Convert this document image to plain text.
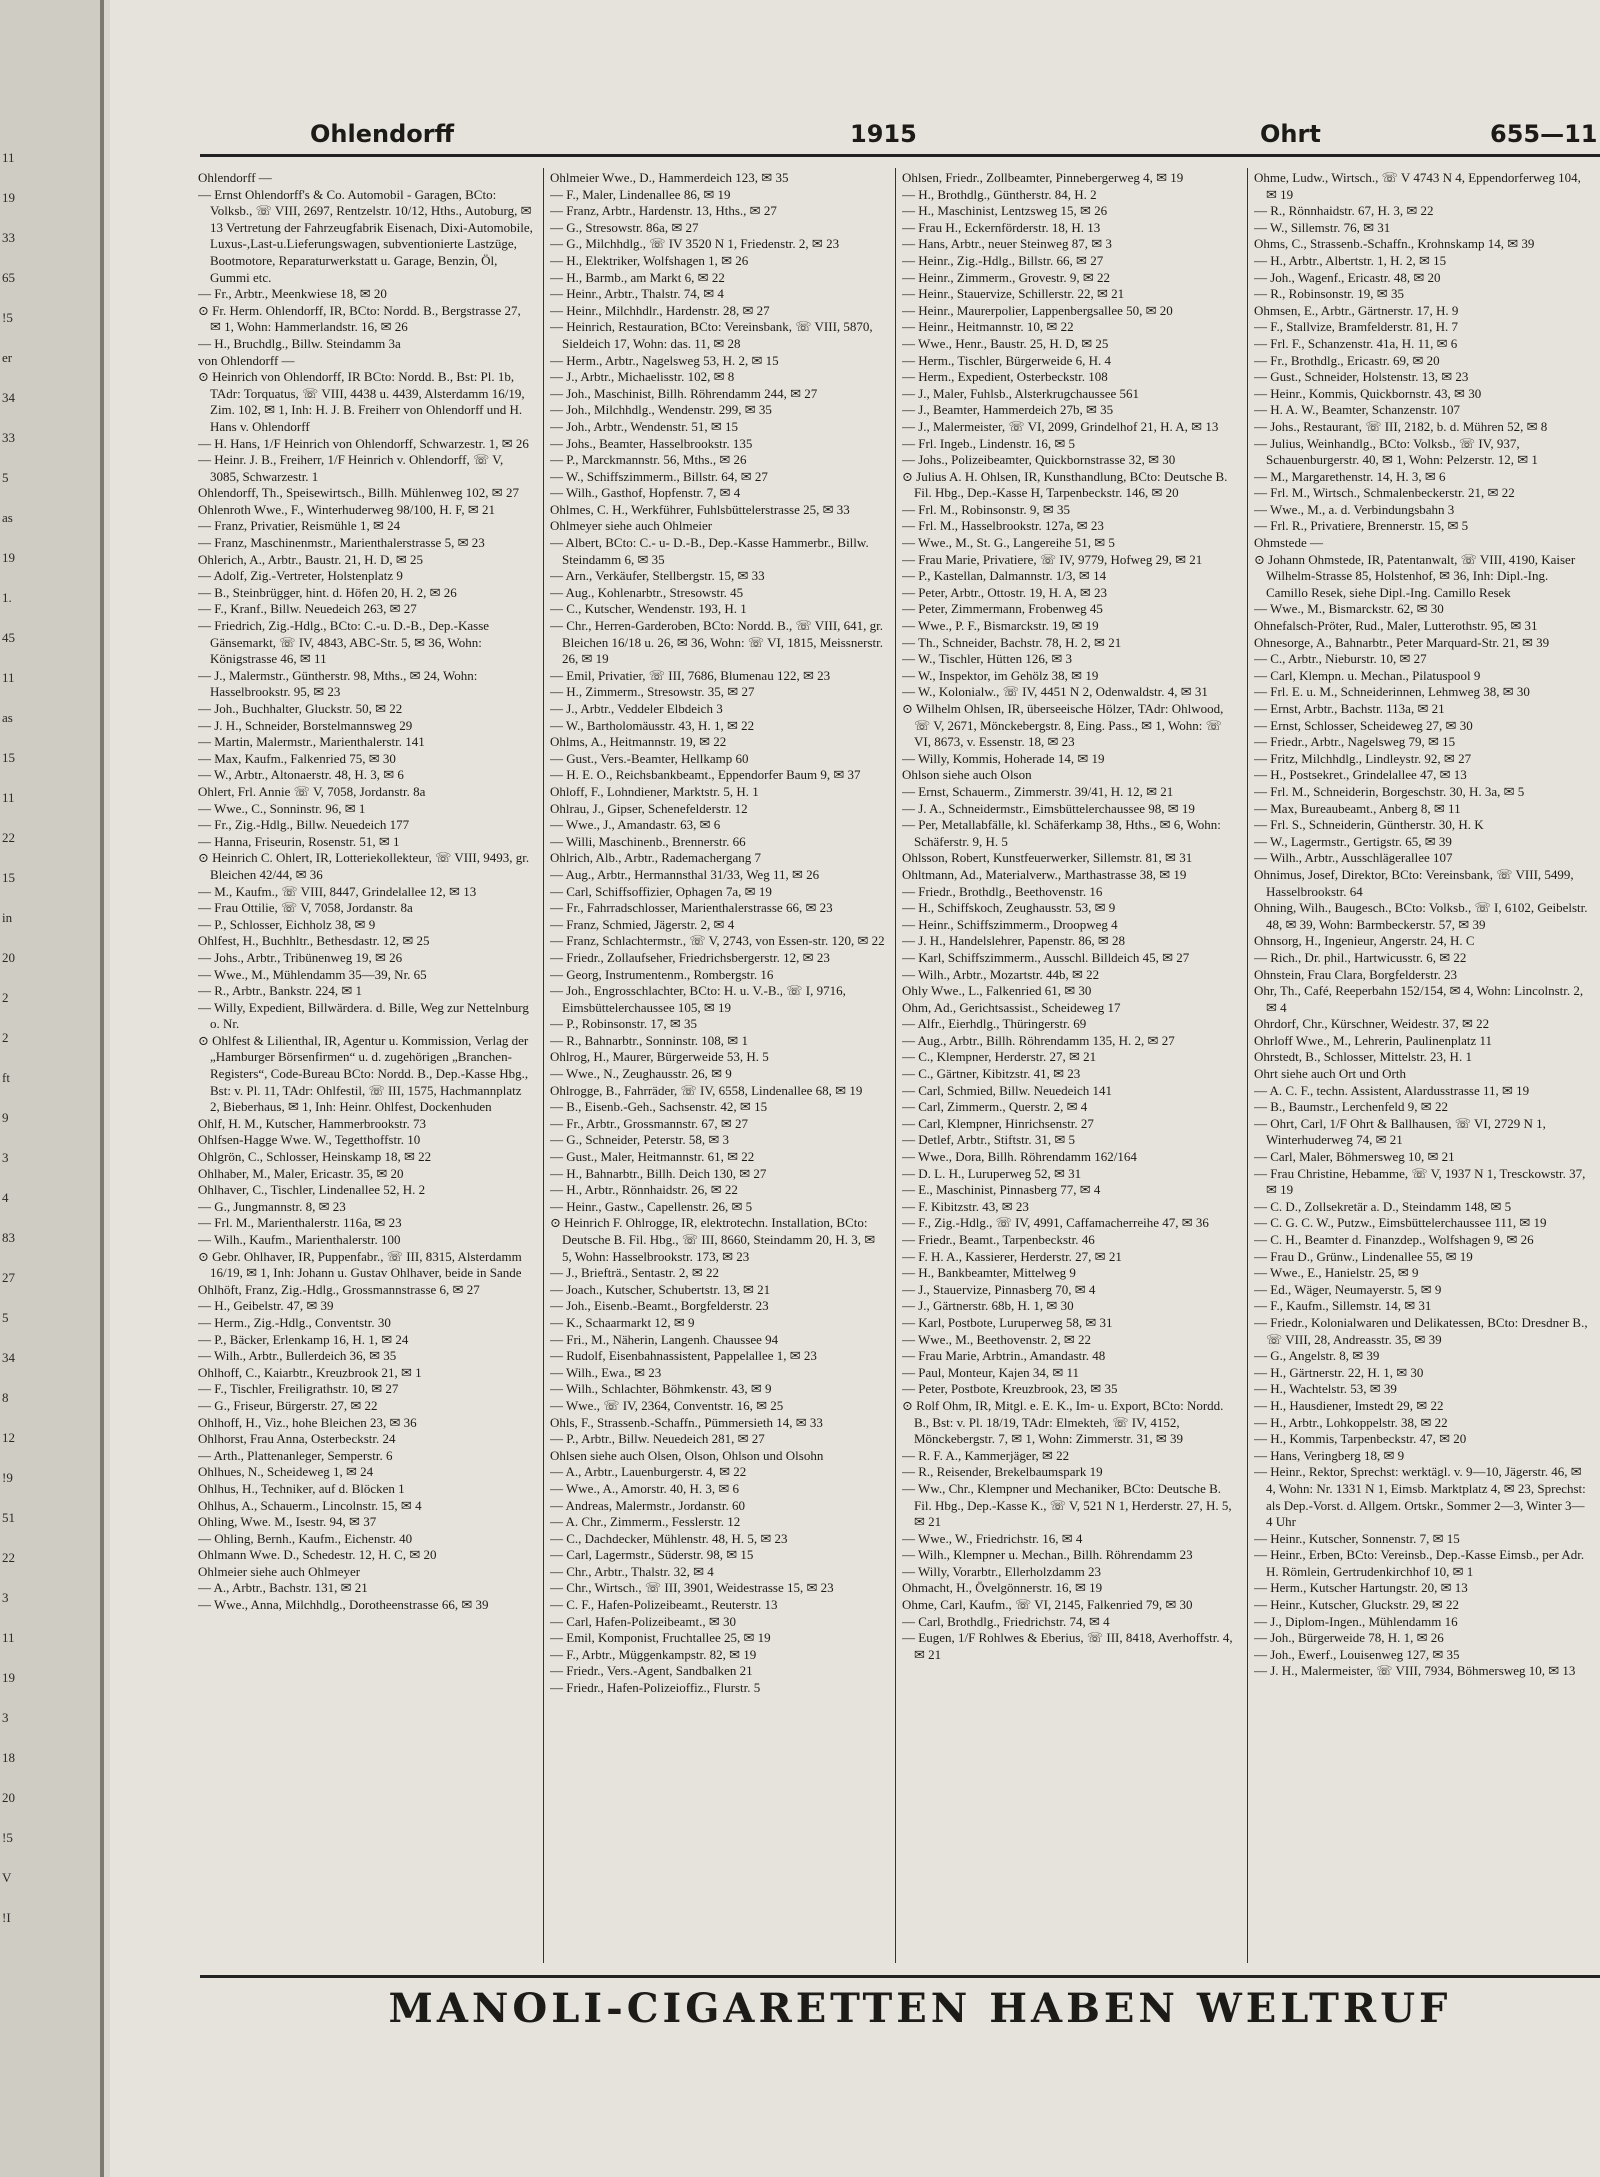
11
19
33
65
!5
er
34
33
5
as
19
1.
45
11
as
15
11
22
15
in
20
2
2
ft
9
3
4
83
27
5
34
8
12
!9
51
22
3
11
19
3
18
20
!5
V
!I
Ohlendorff	1915	Ohrt	655—11

Ohlendorff —

— Ernst Ohlendorff's & Co. Automobil - Garagen, BCto: Volksb., ☏ VIII, 2697, Rentzelstr. 10/12, Hths., Autoburg, ✉ 13 Vertretung der Fahrzeugfabrik Eisenach, Dixi-Automobile, Luxus-,Last-u.Lieferungswagen, subventionierte Lastzüge, Bootmotore, Reparaturwerkstatt u. Garage, Benzin, Öl, Gummi etc.

— Fr., Arbtr., Meenkwiese 18, ✉ 20

⊙ Fr. Herm. Ohlendorff, IR, BCto: Nordd. B., Bergstrasse 27, ✉ 1, Wohn: Hammerlandstr. 16, ✉ 26

— H., Bruchdlg., Billw. Steindamm 3a

von Ohlendorff —

⊙ Heinrich von Ohlendorff, IR BCto: Nordd. B., Bst: Pl. 1b, TAdr: Torquatus, ☏ VIII, 4438 u. 4439, Alsterdamm 16/19, Zim. 102, ✉ 1, Inh: H. J. B. Freiherr von Ohlendorff und H. Hans v. Ohlendorff

— H. Hans, 1/F Heinrich von Ohlendorff, Schwarzestr. 1, ✉ 26

— Heinr. J. B., Freiherr, 1/F Heinrich v. Ohlendorff, ☏ V, 3085, Schwarzestr. 1

Ohlendorff, Th., Speisewirtsch., Billh. Mühlenweg 102, ✉ 27

Ohlenroth Wwe., F., Winterhuderweg 98/100, H. F, ✉ 21

— Franz, Privatier, Reismühle 1, ✉ 24

— Franz, Maschinenmstr., Marienthalerstrasse 5, ✉ 23

Ohlerich, A., Arbtr., Baustr. 21, H. D, ✉ 25

— Adolf, Zig.-Vertreter, Holstenplatz 9

— B., Steinbrügger, hint. d. Höfen 20, H. 2, ✉ 26

— F., Kranf., Billw. Neuedeich 263, ✉ 27

— Friedrich, Zig.-Hdlg., BCto: C.-u. D.-B., Dep.-Kasse Gänsemarkt, ☏ IV, 4843, ABC-Str. 5, ✉ 36, Wohn: Königstrasse 46, ✉ 11

— J., Malermstr., Güntherstr. 98, Mths., ✉ 24, Wohn: Hasselbrookstr. 95, ✉ 23

— Joh., Buchhalter, Gluckstr. 50, ✉ 22

— J. H., Schneider, Borstelmannsweg 29

— Martin, Malermstr., Marienthalerstr. 141

— Max, Kaufm., Falkenried 75, ✉ 30

— W., Arbtr., Altonaerstr. 48, H. 3, ✉ 6

Ohlert, Frl. Annie ☏ V, 7058, Jordanstr. 8a

— Wwe., C., Sonninstr. 96, ✉ 1

— Fr., Zig.-Hdlg., Billw. Neuedeich 177

— Hanna, Friseurin, Rosenstr. 51, ✉ 1

⊙ Heinrich C. Ohlert, IR, Lotteriekollekteur, ☏ VIII, 9493, gr. Bleichen 42/44, ✉ 36

— M., Kaufm., ☏ VIII, 8447, Grindelallee 12, ✉ 13

— Frau Ottilie, ☏ V, 7058, Jordanstr. 8a

— P., Schlosser, Eichholz 38, ✉ 9

Ohlfest, H., Buchhltr., Bethesdastr. 12, ✉ 25

— Johs., Arbtr., Tribünenweg 19, ✉ 26

— Wwe., M., Mühlendamm 35—39, Nr. 65

— R., Arbtr., Bankstr. 224, ✉ 1

— Willy, Expedient, Billwärdera. d. Bille, Weg zur Nettelnburg o. Nr.

⊙ Ohlfest & Lilienthal, IR, Agentur u. Kommission, Verlag der „Hamburger Börsenfirmen“ u. d. zugehörigen „Branchen-Registers“, Code-Bureau BCto: Nordd. B., Dep.-Kasse Hbg., Bst: v. Pl. 11, TAdr: Ohlfestil, ☏ III, 1575, Hachmannplatz 2, Bieberhaus, ✉ 1, Inh: Heinr. Ohlfest, Dockenhuden

Ohlf, H. M., Kutscher, Hammerbrookstr. 73

Ohlfsen-Hagge Wwe. W., Tegetthoffstr. 10

Ohlgrön, C., Schlosser, Heinskamp 18, ✉ 22

Ohlhaber, M., Maler, Ericastr. 35, ✉ 20

Ohlhaver, C., Tischler, Lindenallee 52, H. 2

— G., Jungmannstr. 8, ✉ 23

— Frl. M., Marienthalerstr. 116a, ✉ 23

— Wilh., Kaufm., Marienthalerstr. 100

⊙ Gebr. Ohlhaver, IR, Puppenfabr., ☏ III, 8315, Alsterdamm 16/19, ✉ 1, Inh: Johann u. Gustav Ohlhaver, beide in Sande

Ohlhöft, Franz, Zig.-Hdlg., Grossmannstrasse 6, ✉ 27

— H., Geibelstr. 47, ✉ 39

— Herm., Zig.-Hdlg., Conventstr. 30

— P., Bäcker, Erlenkamp 16, H. 1, ✉ 24

— Wilh., Arbtr., Bullerdeich 36, ✉ 35

Ohlhoff, C., Kaiarbtr., Kreuzbrook 21, ✉ 1

— F., Tischler, Freiligrathstr. 10, ✉ 27

— G., Friseur, Bürgerstr. 27, ✉ 22

Ohlhoff, H., Viz., hohe Bleichen 23, ✉ 36

Ohlhorst, Frau Anna, Osterbeckstr. 24

— Arth., Plattenanleger, Semperstr. 6

Ohlhues, N., Scheideweg 1, ✉ 24

Ohlhus, H., Techniker, auf d. Blöcken 1

Ohlhus, A., Schauerm., Lincolnstr. 15, ✉ 4

Ohling, Wwe. M., Isestr. 94, ✉ 37

— Ohling, Bernh., Kaufm., Eichenstr. 40

Ohlmann Wwe. D., Schedestr. 12, H. C, ✉ 20

Ohlmeier siehe auch Ohlmeyer

— A., Arbtr., Bachstr. 131, ✉ 21

— Wwe., Anna, Milchhdlg., Dorotheenstrasse 66, ✉ 39

Ohlmeier Wwe., D., Hammerdeich 123, ✉ 35

— F., Maler, Lindenallee 86, ✉ 19

— Franz, Arbtr., Hardenstr. 13, Hths., ✉ 27

— G., Stresowstr. 86a, ✉ 27

— G., Milchhdlg., ☏ IV 3520 N 1, Friedenstr. 2, ✉ 23

— H., Elektriker, Wolfshagen 1, ✉ 26

— H., Barmb., am Markt 6, ✉ 22

— Heinr., Arbtr., Thalstr. 74, ✉ 4

— Heinr., Milchhdlr., Hardenstr. 28, ✉ 27

— Heinrich, Restauration, BCto: Vereinsbank, ☏ VIII, 5870, Sieldeich 17, Wohn: das. 11, ✉ 28

— Herm., Arbtr., Nagelsweg 53, H. 2, ✉ 15

— J., Arbtr., Michaelisstr. 102, ✉ 8

— Joh., Maschinist, Billh. Röhrendamm 244, ✉ 27

— Joh., Milchhdlg., Wendenstr. 299, ✉ 35

— Joh., Arbtr., Wendenstr. 51, ✉ 15

— Johs., Beamter, Hasselbrookstr. 135

— P., Marckmannstr. 56, Mths., ✉ 26

— W., Schiffszimmerm., Billstr. 64, ✉ 27

— Wilh., Gasthof, Hopfenstr. 7, ✉ 4

Ohlmes, C. H., Werkführer, Fuhlsbüttelerstrasse 25, ✉ 33

Ohlmeyer siehe auch Ohlmeier

— Albert, BCto: C.- u- D.-B., Dep.-Kasse Hammerbr., Billw. Steindamm 6, ✉ 35

— Arn., Verkäufer, Stellbergstr. 15, ✉ 33

— Aug., Kohlenarbtr., Stresowstr. 45

— C., Kutscher, Wendenstr. 193, H. 1

— Chr., Herren-Garderoben, BCto: Nordd. B., ☏ VIII, 641, gr. Bleichen 16/18 u. 26, ✉ 36, Wohn: ☏ VI, 1815, Meissnerstr. 26, ✉ 19

— Emil, Privatier, ☏ III, 7686, Blumenau 122, ✉ 23

— H., Zimmerm., Stresowstr. 35, ✉ 27

— J., Arbtr., Veddeler Elbdeich 3

— W., Bartholomäusstr. 43, H. 1, ✉ 22

Ohlms, A., Heitmannstr. 19, ✉ 22

— Gust., Vers.-Beamter, Hellkamp 60

— H. E. O., Reichsbankbeamt., Eppendorfer Baum 9, ✉ 37

Ohloff, F., Lohndiener, Marktstr. 5, H. 1

Ohlrau, J., Gipser, Schenefelderstr. 12

— Wwe., J., Amandastr. 63, ✉ 6

— Willi, Maschinenb., Brennerstr. 66

Ohlrich, Alb., Arbtr., Rademachergang 7

— Aug., Arbtr., Hermannsthal 31/33, Weg 11, ✉ 26

— Carl, Schiffsoffizier, Ophagen 7a, ✉ 19

— Fr., Fahrradschlosser, Marienthalerstrasse 66, ✉ 23

— Franz, Schmied, Jägerstr. 2, ✉ 4

— Franz, Schlachtermstr., ☏ V, 2743, von Essen-str. 120, ✉ 22

— Friedr., Zollaufseher, Friedrichsbergerstr. 12, ✉ 23

— Georg, Instrumentenm., Rombergstr. 16

— Joh., Engrosschlachter, BCto: H. u. V.-B., ☏ I, 9716, Eimsbüttelerchaussee 105, ✉ 19

— P., Robinsonstr. 17, ✉ 35

— R., Bahnarbtr., Sonninstr. 108, ✉ 1

Ohlrog, H., Maurer, Bürgerweide 53, H. 5

— Wwe., N., Zeughausstr. 26, ✉ 9

Ohlrogge, B., Fahrräder, ☏ IV, 6558, Lindenallee 68, ✉ 19

— B., Eisenb.-Geh., Sachsenstr. 42, ✉ 15

— Fr., Arbtr., Grossmannstr. 67, ✉ 27

— G., Schneider, Peterstr. 58, ✉ 3

— Gust., Maler, Heitmannstr. 61, ✉ 22

— H., Bahnarbtr., Billh. Deich 130, ✉ 27

— H., Arbtr., Rönnhaidstr. 26, ✉ 22

— Heinr., Gastw., Capellenstr. 26, ✉ 5

⊙ Heinrich F. Ohlrogge, IR, elektrotechn. Installation, BCto: Deutsche B. Fil. Hbg., ☏ III, 8660, Steindamm 20, H. 3, ✉ 5, Wohn: Hasselbrookstr. 173, ✉ 23

— J., Briefträ., Sentastr. 2, ✉ 22

— Joach., Kutscher, Schubertstr. 13, ✉ 21

— Joh., Eisenb.-Beamt., Borgfelderstr. 23

— K., Schaarmarkt 12, ✉ 9

— Fri., M., Näherin, Langenh. Chaussee 94

— Rudolf, Eisenbahnassistent, Pappelallee 1, ✉ 23

— Wilh., Ewa., ✉ 23

— Wilh., Schlachter, Böhmkenstr. 43, ✉ 9

— Wwe., ☏ IV, 2364, Conventstr. 16, ✉ 25

Ohls, F., Strassenb.-Schaffn., Pümmersieth 14, ✉ 33

— P., Arbtr., Billw. Neuedeich 281, ✉ 27

Ohlsen siehe auch Olsen, Olson, Ohlson und Olsohn

— A., Arbtr., Lauenburgerstr. 4, ✉ 22

— Wwe., A., Amorstr. 40, H. 3, ✉ 6

— Andreas, Malermstr., Jordanstr. 60

— A. Chr., Zimmerm., Fesslerstr. 12

— C., Dachdecker, Mühlenstr. 48, H. 5, ✉ 23

— Carl, Lagermstr., Süderstr. 98, ✉ 15

— Chr., Arbtr., Thalstr. 32, ✉ 4

— Chr., Wirtsch., ☏ III, 3901, Weidestrasse 15, ✉ 23

— C. F., Hafen-Polizeibeamt., Reuterstr. 13

— Carl, Hafen-Polizeibeamt., ✉ 30

— Emil, Komponist, Fruchtallee 25, ✉ 19

— F., Arbtr., Müggenkampstr. 82, ✉ 19

— Friedr., Vers.-Agent, Sandbalken 21

— Friedr., Hafen-Polizeioffiz., Flurstr. 5

Ohlsen, Friedr., Zollbeamter, Pinnebergerweg 4, ✉ 19

— H., Brothdlg., Güntherstr. 84, H. 2

— H., Maschinist, Lentzsweg 15, ✉ 26

— Frau H., Eckernförderstr. 18, H. 13

— Hans, Arbtr., neuer Steinweg 87, ✉ 3

— Heinr., Zig.-Hdlg., Billstr. 66, ✉ 27

— Heinr., Zimmerm., Grovestr. 9, ✉ 22

— Heinr., Stauervize, Schillerstr. 22, ✉ 21

— Heinr., Maurerpolier, Lappenbergsallee 50, ✉ 20

— Heinr., Heitmannstr. 10, ✉ 22

— Wwe., Henr., Baustr. 25, H. D, ✉ 25

— Herm., Tischler, Bürgerweide 6, H. 4

— Herm., Expedient, Osterbeckstr. 108

— J., Maler, Fuhlsb., Alsterkrugchaussee 561

— J., Beamter, Hammerdeich 27b, ✉ 35

— J., Malermeister, ☏ VI, 2099, Grindelhof 21, H. A, ✉ 13

— Frl. Ingeb., Lindenstr. 16, ✉ 5

— Johs., Polizeibeamter, Quickbornstrasse 32, ✉ 30

⊙ Julius A. H. Ohlsen, IR, Kunsthandlung, BCto: Deutsche B. Fil. Hbg., Dep.-Kasse H, Tarpenbeckstr. 146, ✉ 20

— Frl. M., Robinsonstr. 9, ✉ 35

— Frl. M., Hasselbrookstr. 127a, ✉ 23

— Wwe., M., St. G., Langereihe 51, ✉ 5

— Frau Marie, Privatiere, ☏ IV, 9779, Hofweg 29, ✉ 21

— P., Kastellan, Dalmannstr. 1/3, ✉ 14

— Peter, Arbtr., Ottostr. 19, H. A, ✉ 23

— Peter, Zimmermann, Frobenweg 45

— Wwe., P. F., Bismarckstr. 19, ✉ 19

— Th., Schneider, Bachstr. 78, H. 2, ✉ 21

— W., Tischler, Hütten 126, ✉ 3

— W., Inspektor, im Gehölz 38, ✉ 19

— W., Kolonialw., ☏ IV, 4451 N 2, Odenwaldstr. 4, ✉ 31

⊙ Wilhelm Ohlsen, IR, überseeische Hölzer, TAdr: Ohlwood, ☏ V, 2671, Mönckebergstr. 8, Eing. Pass., ✉ 1, Wohn: ☏ VI, 8673, v. Essenstr. 18, ✉ 23

— Willy, Kommis, Hoherade 14, ✉ 19

Ohlson siehe auch Olson

— Ernst, Schauerm., Zimmerstr. 39/41, H. 12, ✉ 21

— J. A., Schneidermstr., Eimsbüttelerchaussee 98, ✉ 19

— Per, Metallabfälle, kl. Schäferkamp 38, Hths., ✉ 6, Wohn: Schäferstr. 9, H. 5

Ohlsson, Robert, Kunstfeuerwerker, Sillemstr. 81, ✉ 31

Ohltmann, Ad., Materialverw., Marthastrasse 38, ✉ 19

— Friedr., Brothdlg., Beethovenstr. 16

— H., Schiffskoch, Zeughausstr. 53, ✉ 9

— Heinr., Schiffszimmerm., Droopweg 4

— J. H., Handelslehrer, Papenstr. 86, ✉ 28

— Karl, Schiffszimmerm., Ausschl. Billdeich 45, ✉ 27

— Wilh., Arbtr., Mozartstr. 44b, ✉ 22

Ohly Wwe., L., Falkenried 61, ✉ 30

Ohm, Ad., Gerichtsassist., Scheideweg 17

— Alfr., Eierhdlg., Thüringerstr. 69

— Aug., Arbtr., Billh. Röhrendamm 135, H. 2, ✉ 27

— C., Klempner, Herderstr. 27, ✉ 21

— C., Gärtner, Kibitzstr. 41, ✉ 23

— Carl, Schmied, Billw. Neuedeich 141

— Carl, Zimmerm., Querstr. 2, ✉ 4

— Carl, Klempner, Hinrichsenstr. 27

— Detlef, Arbtr., Stiftstr. 31, ✉ 5

— Wwe., Dora, Billh. Röhrendamm 162/164

— D. L. H., Luruperweg 52, ✉ 31

— E., Maschinist, Pinnasberg 77, ✉ 4

— F. Kibitzstr. 43, ✉ 23

— F., Zig.-Hdlg., ☏ IV, 4991, Caffamacherreihe 47, ✉ 36

— Friedr., Beamt., Tarpenbeckstr. 46

— F. H. A., Kassierer, Herderstr. 27, ✉ 21

— H., Bankbeamter, Mittelweg 9

— J., Stauervize, Pinnasberg 70, ✉ 4

— J., Gärtnerstr. 68b, H. 1, ✉ 30

— Karl, Postbote, Luruperweg 58, ✉ 31

— Wwe., M., Beethovenstr. 2, ✉ 22

— Frau Marie, Arbtrin., Amandastr. 48

— Paul, Monteur, Kajen 34, ✉ 11

— Peter, Postbote, Kreuzbrook, 23, ✉ 35

⊙ Rolf Ohm, IR, Mitgl. e. E. K., Im- u. Export, BCto: Nordd. B., Bst: v. Pl. 18/19, TAdr: Elmekteh, ☏ IV, 4152, Mönckebergstr. 7, ✉ 1, Wohn: Zimmerstr. 31, ✉ 39

— R. F. A., Kammerjäger, ✉ 22

— R., Reisender, Brekelbaumspark 19

— Ww., Chr., Klempner und Mechaniker, BCto: Deutsche B. Fil. Hbg., Dep.-Kasse K., ☏ V, 521 N 1, Herderstr. 27, H. 5, ✉ 21

— Wwe., W., Friedrichstr. 16, ✉ 4

— Wilh., Klempner u. Mechan., Billh. Röhrendamm 23

— Willy, Vorarbtr., Ellerholzdamm 23

Ohmacht, H., Övelgönnerstr. 16, ✉ 19

Ohme, Carl, Kaufm., ☏ VI, 2145, Falkenried 79, ✉ 30

— Carl, Brothdlg., Friedrichstr. 74, ✉ 4

— Eugen, 1/F Rohlwes & Eberius, ☏ III, 8418, Averhoffstr. 4, ✉ 21

Ohme, Ludw., Wirtsch., ☏ V 4743 N 4, Eppendorferweg 104, ✉ 19

— R., Rönnhaidstr. 67, H. 3, ✉ 22

— W., Sillemstr. 76, ✉ 31

Ohms, C., Strassenb.-Schaffn., Krohnskamp 14, ✉ 39

— H., Arbtr., Albertstr. 1, H. 2, ✉ 15

— Joh., Wagenf., Ericastr. 48, ✉ 20

— R., Robinsonstr. 19, ✉ 35

Ohmsen, E., Arbtr., Gärtnerstr. 17, H. 9

— F., Stallvize, Bramfelderstr. 81, H. 7

— Frl. F., Schanzenstr. 41a, H. 11, ✉ 6

— Fr., Brothdlg., Ericastr. 69, ✉ 20

— Gust., Schneider, Holstenstr. 13, ✉ 23

— Heinr., Kommis, Quickbornstr. 43, ✉ 30

— H. A. W., Beamter, Schanzenstr. 107

— Johs., Restaurant, ☏ III, 2182, b. d. Mühren 52, ✉ 8

— Julius, Weinhandlg., BCto: Volksb., ☏ IV, 937, Schauenburgerstr. 40, ✉ 1, Wohn: Pelzerstr. 12, ✉ 1

— M., Margarethenstr. 14, H. 3, ✉ 6

— Frl. M., Wirtsch., Schmalenbeckerstr. 21, ✉ 22

— Wwe., M., a. d. Verbindungsbahn 3

— Frl. R., Privatiere, Brennerstr. 15, ✉ 5

Ohmstede —

⊙ Johann Ohmstede, IR, Patentanwalt, ☏ VIII, 4190, Kaiser Wilhelm-Strasse 85, Holstenhof, ✉ 36, Inh: Dipl.-Ing. Camillo Resek, siehe Dipl.-Ing. Camillo Resek

— Wwe., M., Bismarckstr. 62, ✉ 30

Ohnefalsch-Pröter, Rud., Maler, Lutterothstr. 95, ✉ 31

Ohnesorge, A., Bahnarbtr., Peter Marquard-Str. 21, ✉ 39

— C., Arbtr., Nieburstr. 10, ✉ 27

— Carl, Klempn. u. Mechan., Pilatuspool 9

— Frl. E. u. M., Schneiderinnen, Lehmweg 38, ✉ 30

— Ernst, Arbtr., Bachstr. 113a, ✉ 21

— Ernst, Schlosser, Scheideweg 27, ✉ 30

— Friedr., Arbtr., Nagelsweg 79, ✉ 15

— Fritz, Milchhdlg., Lindleystr. 92, ✉ 27

— H., Postsekret., Grindelallee 47, ✉ 13

— Frl. M., Schneiderin, Borgeschstr. 30, H. 3a, ✉ 5

— Max, Bureaubeamt., Anberg 8, ✉ 11

— Frl. S., Schneiderin, Güntherstr. 30, H. K

— W., Lagermstr., Gertigstr. 65, ✉ 39

— Wilh., Arbtr., Ausschlägerallee 107

Ohnimus, Josef, Direktor, BCto: Vereinsbank, ☏ VIII, 5499, Hasselbrookstr. 64

Ohning, Wilh., Baugesch., BCto: Volksb., ☏ I, 6102, Geibelstr. 48, ✉ 39, Wohn: Barmbeckerstr. 57, ✉ 39

Ohnsorg, H., Ingenieur, Angerstr. 24, H. C

— Rich., Dr. phil., Hartwicusstr. 6, ✉ 22

Ohnstein, Frau Clara, Borgfelderstr. 23

Ohr, Th., Café, Reeperbahn 152/154, ✉ 4, Wohn: Lincolnstr. 2, ✉ 4

Ohrdorf, Chr., Kürschner, Weidestr. 37, ✉ 22

Ohrloff Wwe., M., Lehrerin, Paulinenplatz 11

Ohrstedt, B., Schlosser, Mittelstr. 23, H. 1

Ohrt siehe auch Ort und Orth

— A. C. F., techn. Assistent, Alardusstrasse 11, ✉ 19

— B., Baumstr., Lerchenfeld 9, ✉ 22

— Ohrt, Carl, 1/F Ohrt & Ballhausen, ☏ VI, 2729 N 1, Winterhuderweg 74, ✉ 21

— Carl, Maler, Böhmersweg 10, ✉ 21

— Frau Christine, Hebamme, ☏ V, 1937 N 1, Tresckowstr. 37, ✉ 19

— C. D., Zollsekretär a. D., Steindamm 148, ✉ 5

— C. G. C. W., Putzw., Eimsbüttelerchaussee 111, ✉ 19

— C. H., Beamter d. Finanzdep., Wolfshagen 9, ✉ 26

— Frau D., Grünw., Lindenallee 55, ✉ 19

— Wwe., E., Hanielstr. 25, ✉ 9

— Ed., Wäger, Neumayerstr. 5, ✉ 9

— F., Kaufm., Sillemstr. 14, ✉ 31

— Friedr., Kolonialwaren und Delikatessen, BCto: Dresdner B., ☏ VIII, 28, Andreasstr. 35, ✉ 39

— G., Angelstr. 8, ✉ 39

— H., Gärtnerstr. 22, H. 1, ✉ 30

— H., Wachtelstr. 53, ✉ 39

— H., Hausdiener, Imstedt 29, ✉ 22

— H., Arbtr., Lohkoppelstr. 38, ✉ 22

— H., Kommis, Tarpenbeckstr. 47, ✉ 20

— Hans, Veringberg 18, ✉ 9

— Heinr., Rektor, Sprechst: werktägl. v. 9—10, Jägerstr. 46, ✉ 4, Wohn: Nr. 1331 N 1, Eimsb. Marktplatz 4, ✉ 23, Sprechst: als Dep.-Vorst. d. Allgem. Ortskr., Sommer 2—3, Winter 3—4 Uhr

— Heinr., Kutscher, Sonnenstr. 7, ✉ 15

— Heinr., Erben, BCto: Vereinsb., Dep.-Kasse Eimsb., per Adr. H. Römlein, Gertrudenkirchhof 10, ✉ 1

— Herm., Kutscher Hartungstr. 20, ✉ 13

— Heinr., Kutscher, Gluckstr. 29, ✉ 22

— J., Diplom-Ingen., Mühlendamm 16

— Joh., Bürgerweide 78, H. 1, ✉ 26

— Joh., Ewerf., Louisenweg 127, ✉ 35

— J. H., Malermeister, ☏ VIII, 7934, Böhmersweg 10, ✉ 13

MANOLI-CIGARETTEN HABEN WELTRUF
